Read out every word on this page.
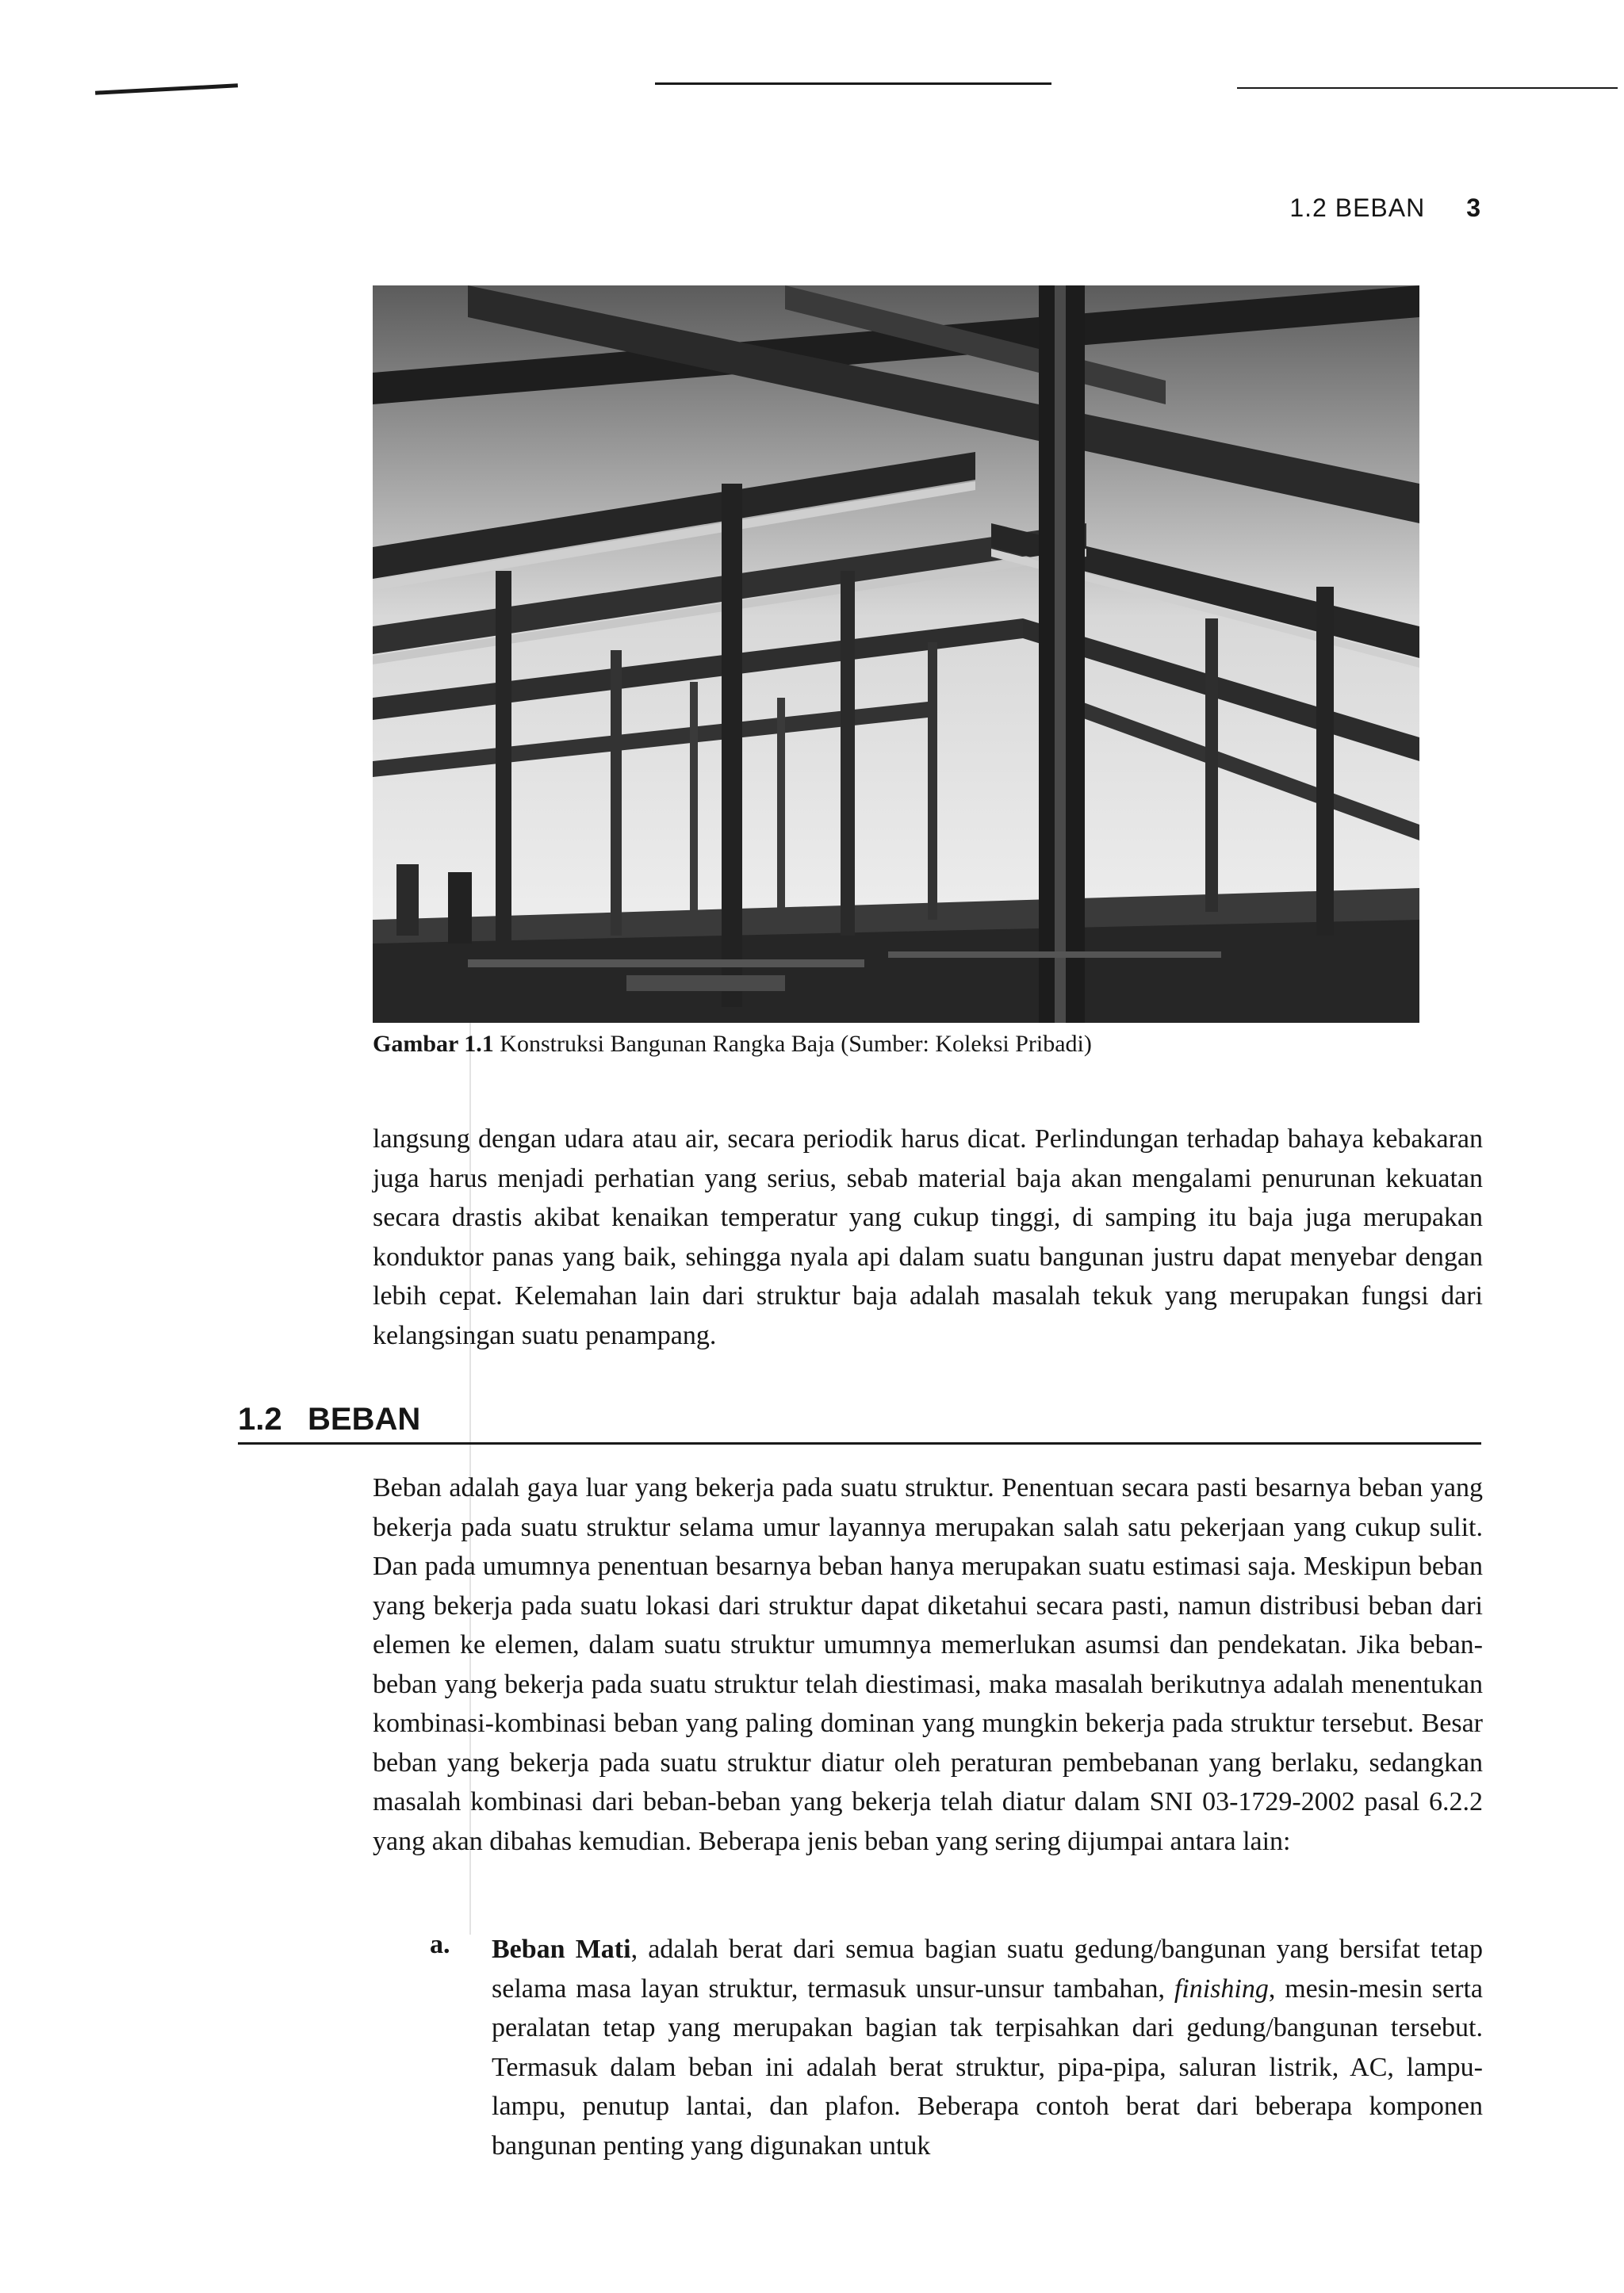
1.2 BEBAN 3
Gambar 1.1 Konstruksi Bangunan Rangka Baja (Sumber: Koleksi Pribadi)

langsung dengan udara atau air, secara periodik harus dicat. Perlindungan terhadap bahaya kebakaran juga harus menjadi perhatian yang serius, sebab material baja akan mengalami penurunan kekuatan secara drastis akibat kenaikan temperatur yang cukup tinggi, di samping itu baja juga merupakan konduktor panas yang baik, sehingga nyala api dalam suatu bangunan justru dapat menyebar dengan lebih cepat. Kelemahan lain dari struktur baja adalah masalah tekuk yang merupakan fungsi dari kelangsingan suatu penampang.

1.2 BEBAN

Beban adalah gaya luar yang bekerja pada suatu struktur. Penentuan secara pasti besarnya beban yang bekerja pada suatu struktur selama umur layannya merupakan salah satu pekerjaan yang cukup sulit. Dan pada umumnya penentuan besarnya beban hanya merupakan suatu estimasi saja. Meskipun beban yang bekerja pada suatu lokasi dari struktur dapat diketahui secara pasti, namun distribusi beban dari elemen ke elemen, dalam suatu struktur umumnya memerlukan asumsi dan pendekatan. Jika beban-beban yang bekerja pada suatu struktur telah diestimasi, maka masalah berikutnya adalah menentukan kombinasi-kombinasi beban yang paling dominan yang mungkin bekerja pada struktur tersebut. Besar beban yang bekerja pada suatu struktur diatur oleh peraturan pembebanan yang berlaku, sedangkan masalah kombinasi dari beban-beban yang bekerja telah diatur dalam SNI 03-1729-2002 pasal 6.2.2 yang akan dibahas kemudian. Beberapa jenis beban yang sering dijumpai antara lain:

a. Beban Mati, adalah berat dari semua bagian suatu gedung/bangunan yang bersifat tetap selama masa layan struktur, termasuk unsur-unsur tambahan, finishing, mesin-mesin serta peralatan tetap yang merupakan bagian tak terpisahkan dari gedung/bangunan tersebut. Termasuk dalam beban ini adalah berat struktur, pipa-pipa, saluran listrik, AC, lampu-lampu, penutup lantai, dan plafon. Beberapa contoh berat dari beberapa komponen bangunan penting yang digunakan untuk
